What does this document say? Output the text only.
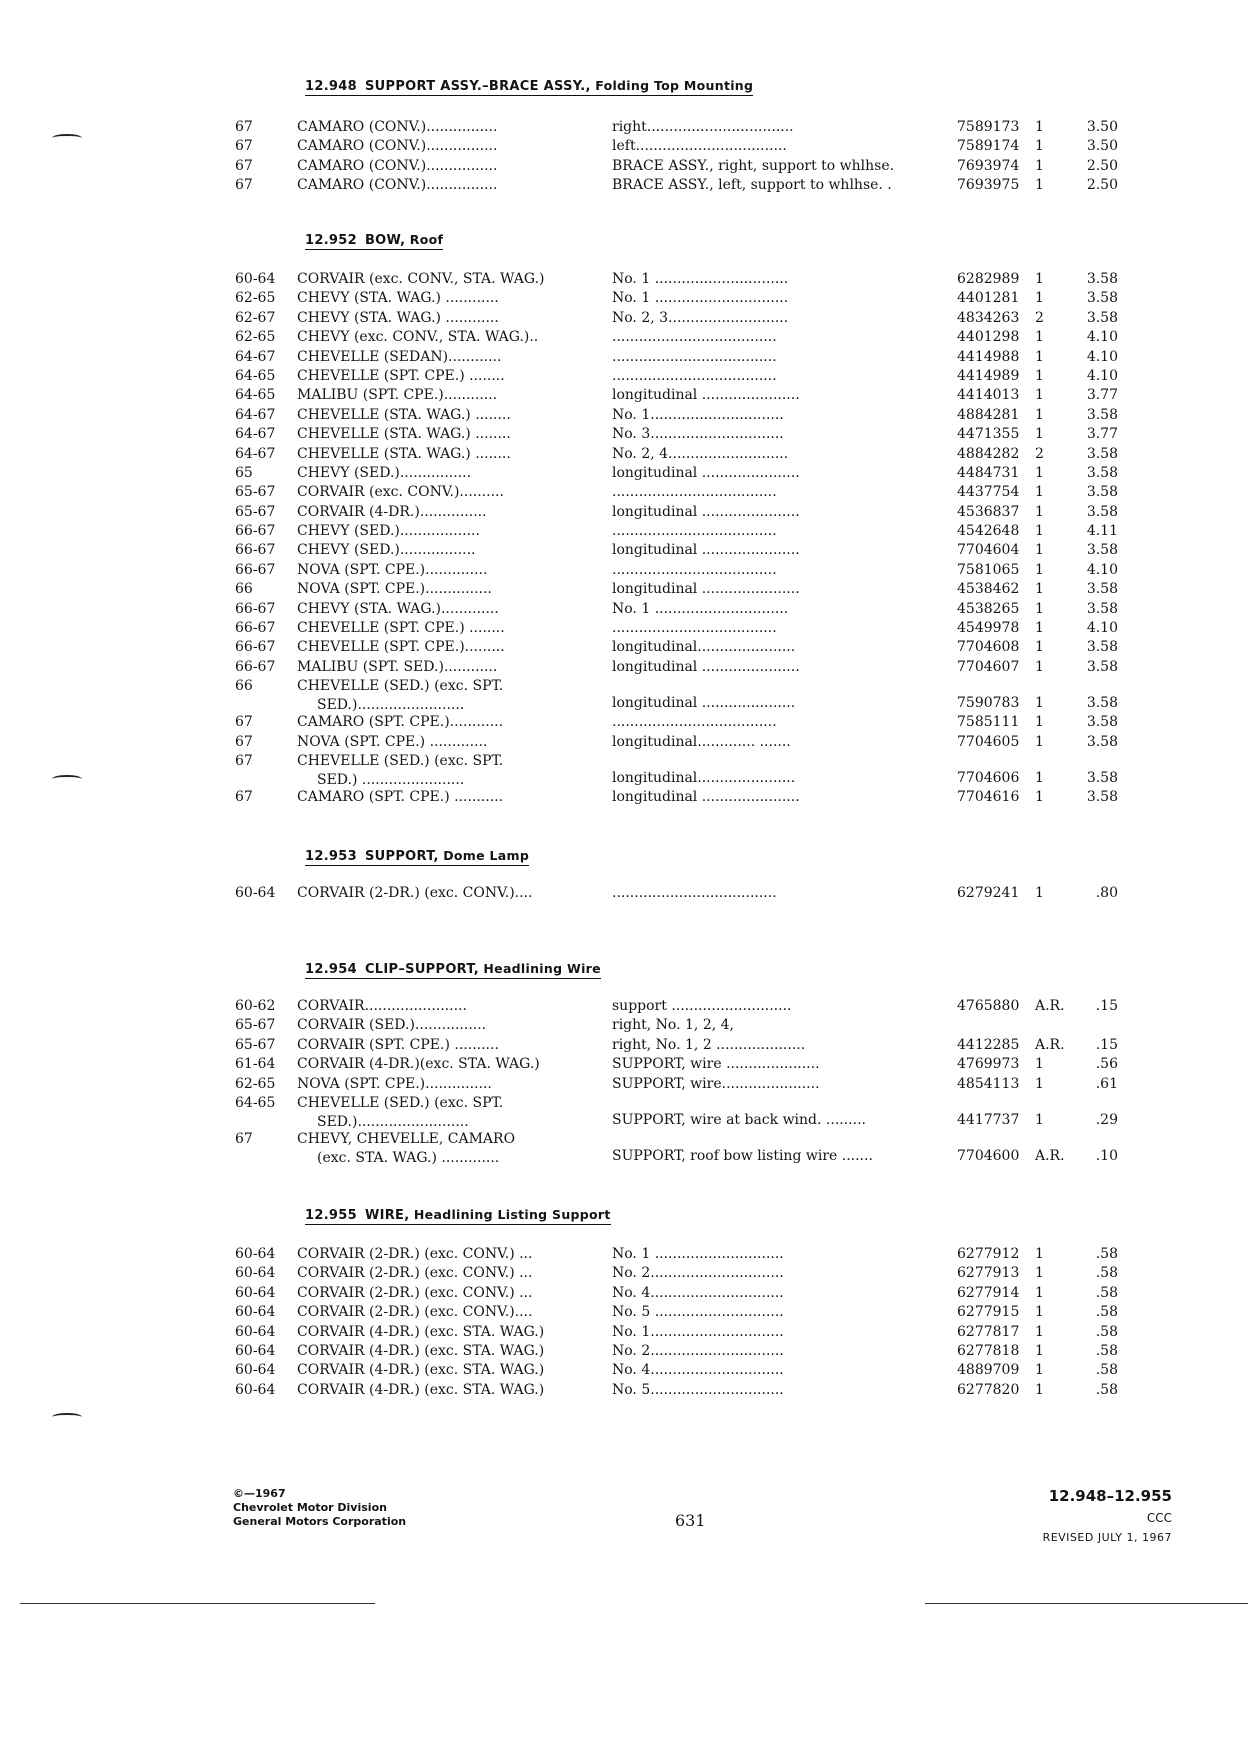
12.948 SUPPORT ASSY.–BRACE ASSY., Folding Top Mounting
67	CAMARO (CONV.)................	right.................................	7589173	1	3.50
67	CAMARO (CONV.)................	left..................................	7589174	1	3.50
67	CAMARO (CONV.)................	BRACE ASSY., right, support to whlhse.	7693974	1	2.50
67	CAMARO (CONV.)................	BRACE ASSY., left, support to whlhse. .	7693975	1	2.50
12.952 BOW, Roof
60-64	CORVAIR (exc. CONV., STA. WAG.)	No. 1 ..............................	6282989	1	3.58
62-65	CHEVY (STA. WAG.) ............	No. 1 ..............................	4401281	1	3.58
62-67	CHEVY (STA. WAG.) ............	No. 2, 3...........................	4834263	2	3.58
62-65	CHEVY (exc. CONV., STA. WAG.)..	.....................................	4401298	1	4.10
64-67	CHEVELLE (SEDAN)............	.....................................	4414988	1	4.10
64-65	CHEVELLE (SPT. CPE.) ........	.....................................	4414989	1	4.10
64-65	MALIBU (SPT. CPE.)............	longitudinal ......................	4414013	1	3.77
64-67	CHEVELLE (STA. WAG.) ........	No. 1..............................	4884281	1	3.58
64-67	CHEVELLE (STA. WAG.) ........	No. 3..............................	4471355	1	3.77
64-67	CHEVELLE (STA. WAG.) ........	No. 2, 4...........................	4884282	2	3.58
65	CHEVY (SED.)................	longitudinal ......................	4484731	1	3.58
65-67	CORVAIR (exc. CONV.)..........	.....................................	4437754	1	3.58
65-67	CORVAIR (4-DR.)...............	longitudinal ......................	4536837	1	3.58
66-67	CHEVY (SED.)..................	.....................................	4542648	1	4.11
66-67	CHEVY (SED.).................	longitudinal ......................	7704604	1	3.58
66-67	NOVA (SPT. CPE.)..............	.....................................	7581065	1	4.10
66	NOVA (SPT. CPE.)...............	longitudinal ......................	4538462	1	3.58
66-67	CHEVY (STA. WAG.).............	No. 1 ..............................	4538265	1	3.58
66-67	CHEVELLE (SPT. CPE.) ........	.....................................	4549978	1	4.10
66-67	CHEVELLE (SPT. CPE.).........	longitudinal......................	7704608	1	3.58
66-67	MALIBU (SPT. SED.)............	longitudinal ......................	7704607	1	3.58
66	CHEVELLE (SED.) (exc. SPT.
SED.)........................	longitudinal .....................	7590783	1	3.58
67	CAMARO (SPT. CPE.)............	.....................................	7585111	1	3.58
67	NOVA (SPT. CPE.) .............	longitudinal............. .......	7704605	1	3.58
67	CHEVELLE (SED.) (exc. SPT.
SED.) .......................	longitudinal......................	7704606	1	3.58
67	CAMARO (SPT. CPE.) ...........	longitudinal ......................	7704616	1	3.58
12.953 SUPPORT, Dome Lamp
60-64	CORVAIR (2-DR.) (exc. CONV.)....	.....................................	6279241	1	.80
12.954 CLIP–SUPPORT, Headlining Wire
60-62	CORVAIR.......................	support ...........................	4765880	A.R.	.15
65-67	CORVAIR (SED.)................	right, No. 1, 2, 4,
65-67	CORVAIR (SPT. CPE.) ..........	right, No. 1, 2 ....................	4412285	A.R.	.15
61-64	CORVAIR (4-DR.)(exc. STA. WAG.)	SUPPORT, wire .....................	4769973	1	.56
62-65	NOVA (SPT. CPE.)...............	SUPPORT, wire......................	4854113	1	.61
64-65	CHEVELLE (SED.) (exc. SPT.
SED.).........................	SUPPORT, wire at back wind. .........	4417737	1	.29
67	CHEVY, CHEVELLE, CAMARO
(exc. STA. WAG.) .............	SUPPORT, roof bow listing wire .......	7704600	A.R.	.10
12.955 WIRE, Headlining Listing Support
60-64	CORVAIR (2-DR.) (exc. CONV.) ...	No. 1 .............................	6277912	1	.58
60-64	CORVAIR (2-DR.) (exc. CONV.) ...	No. 2..............................	6277913	1	.58
60-64	CORVAIR (2-DR.) (exc. CONV.) ...	No. 4..............................	6277914	1	.58
60-64	CORVAIR (2-DR.) (exc. CONV.)....	No. 5 .............................	6277915	1	.58
60-64	CORVAIR (4-DR.) (exc. STA. WAG.)	No. 1..............................	6277817	1	.58
60-64	CORVAIR (4-DR.) (exc. STA. WAG.)	No. 2..............................	6277818	1	.58
60-64	CORVAIR (4-DR.) (exc. STA. WAG.)	No. 4..............................	4889709	1	.58
60-64	CORVAIR (4-DR.) (exc. STA. WAG.)	No. 5..............................	6277820	1	.58
©—1967
Chevrolet Motor Division
General Motors Corporation	631
12.948–12.955
CCC
REVISED JULY 1, 1967
